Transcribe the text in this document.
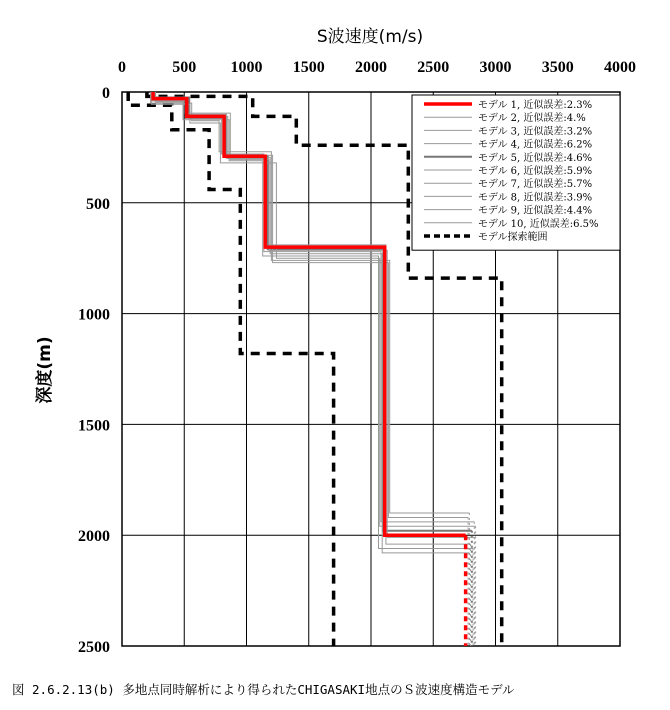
S波速度(m/s)
深度(m)
0	500 1000 1500 2000 2500 3000 3500 4000
0
500
1000
1500
2000
2500
モデル 1, 近似誤差:2.3%
モデル 2, 近似誤差:4.%
モデル 3, 近似誤差:3.2%
モデル 4, 近似誤差:6.2%
モデル 5, 近似誤差:4.6%
モデル 6, 近似誤差:5.9%
モデル 7, 近似誤差:5.7%
モデル 8, 近似誤差:3.9%
モデル 9, 近似誤差:4.4%
モデル 10, 近似誤差:6.5%
モデル探索範囲
図 2.6.2.13(b) 多地点同時解析により得られたCHIGASAKI地点のＳ波速度構造モデル
